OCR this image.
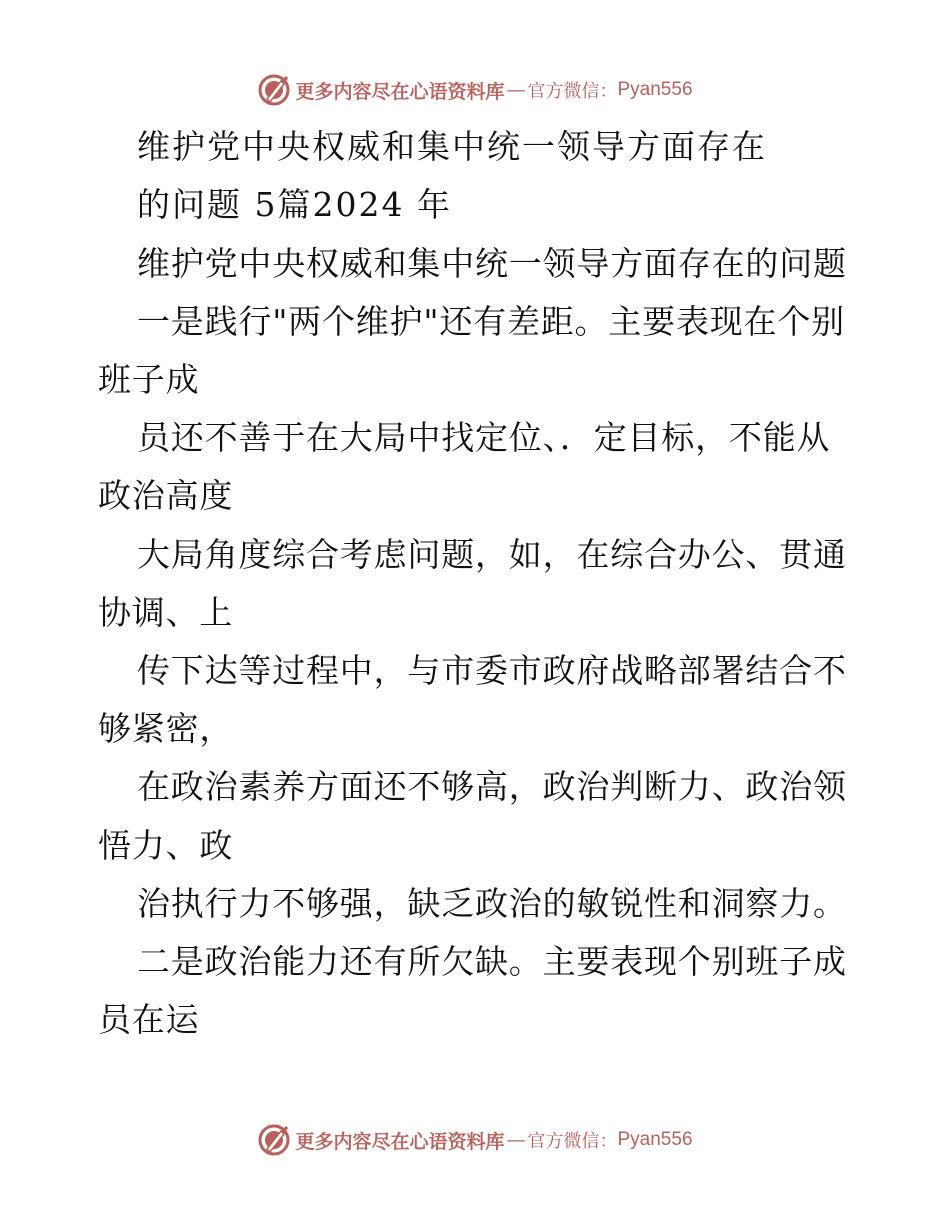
更多内容尽在心语资料库 — 官方微信： Pyan556
维护党中央权威和集中统一领导方面存在
的问题 5篇2024 年
维护党中央权威和集中统一领导方面存在的问题
一是践行"两个维护"还有差距。主要表现在个别
班子成
员还不善于在大局中找定位、．定目标，不能从
政治高度
大局角度综合考虑问题，如，在综合办公、贯通
协调、上
传下达等过程中，与市委市政府战略部署结合不
够紧密，
在政治素养方面还不够高，政治判断力、政治领
悟力、政
治执行力不够强，缺乏政治的敏锐性和洞察力。
二是政治能力还有所欠缺。主要表现个别班子成
员在运
更多内容尽在心语资料库 — 官方微信： Pyan556
